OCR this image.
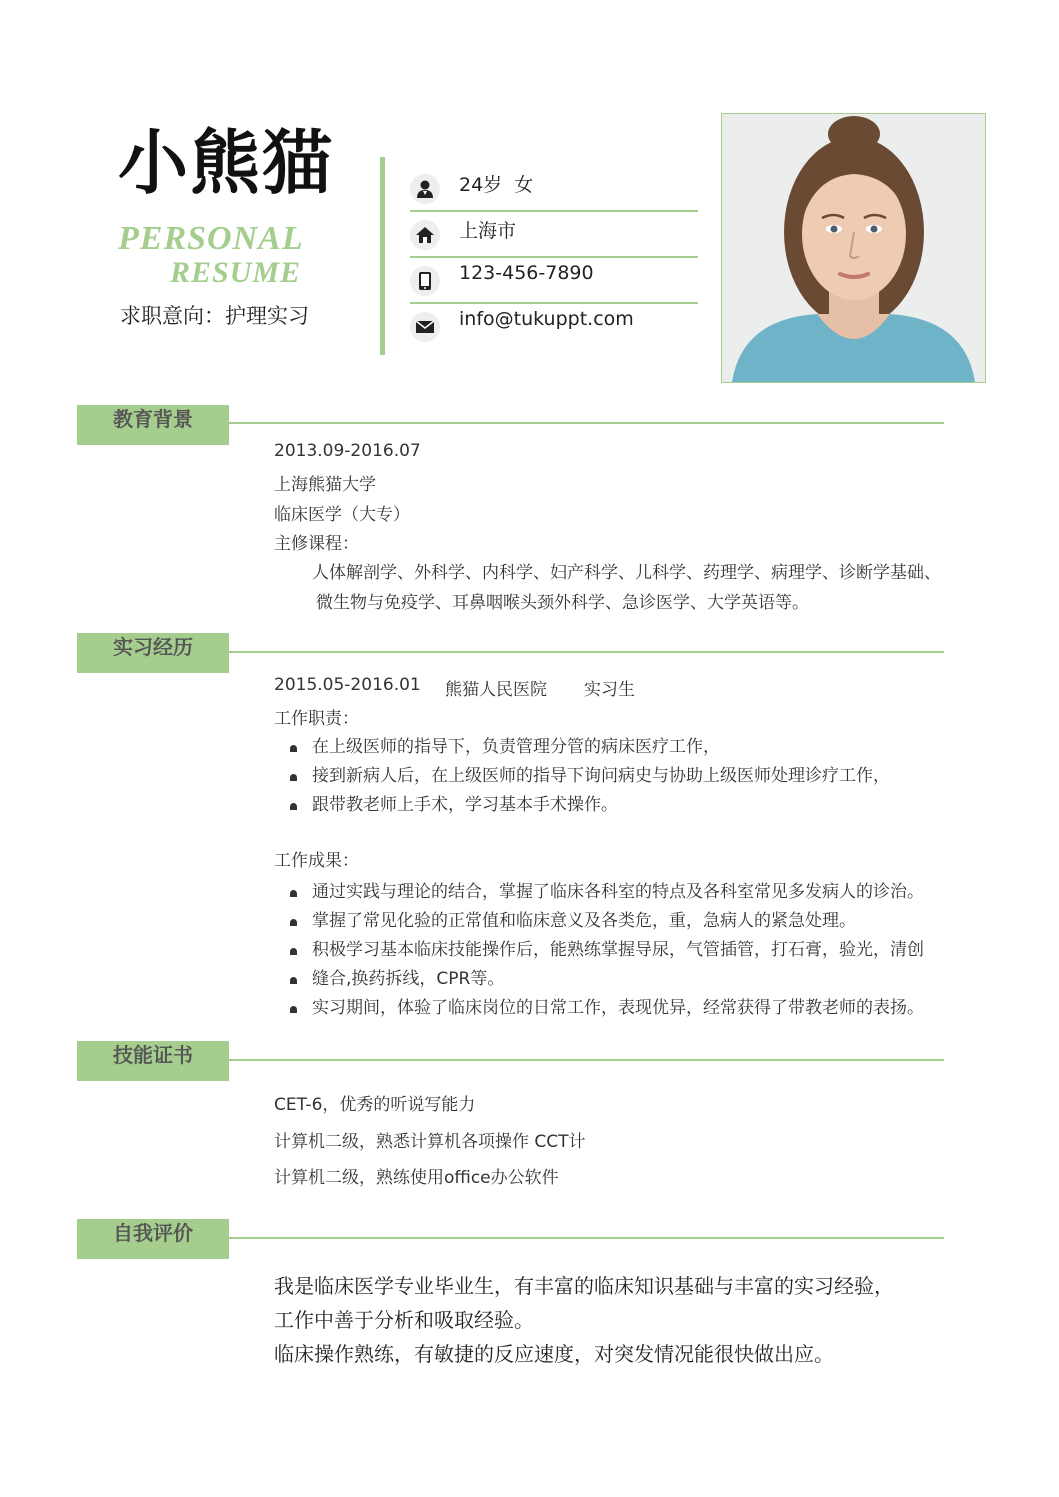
小熊猫
PERSONAL
RESUME
求职意向：护理实习
24岁  女
上海市
123-456-7890
info@tukuppt.com
教育背景
2013.09-2016.07
上海熊猫大学
临床医学（大专）
主修课程：
人体解剖学、外科学、内科学、妇产科学、儿科学、药理学、病理学、诊断学基础、
微生物与免疫学、耳鼻咽喉头颈外科学、急诊医学、大学英语等。
实习经历
2015.05-2016.01 熊猫人民医院 实习生
工作职责：
在上级医师的指导下，负责管理分管的病床医疗工作，
接到新病人后，在上级医师的指导下询问病史与协助上级医师处理诊疗工作，
跟带教老师上手术，学习基本手术操作。
工作成果：
通过实践与理论的结合，掌握了临床各科室的特点及各科室常见多发病人的诊治。
掌握了常见化验的正常值和临床意义及各类危，重，急病人的紧急处理。
积极学习基本临床技能操作后，能熟练掌握导尿，气管插管，打石膏，验光，清创
缝合,换药拆线，CPR等。
实习期间，体验了临床岗位的日常工作，表现优异，经常获得了带教老师的表扬。
技能证书
CET-6，优秀的听说写能力
计算机二级，熟悉计算机各项操作 CCT计
计算机二级，熟练使用office办公软件
自我评价
我是临床医学专业毕业生，有丰富的临床知识基础与丰富的实习经验，
工作中善于分析和吸取经验。
临床操作熟练，有敏捷的反应速度，对突发情况能很快做出应。
